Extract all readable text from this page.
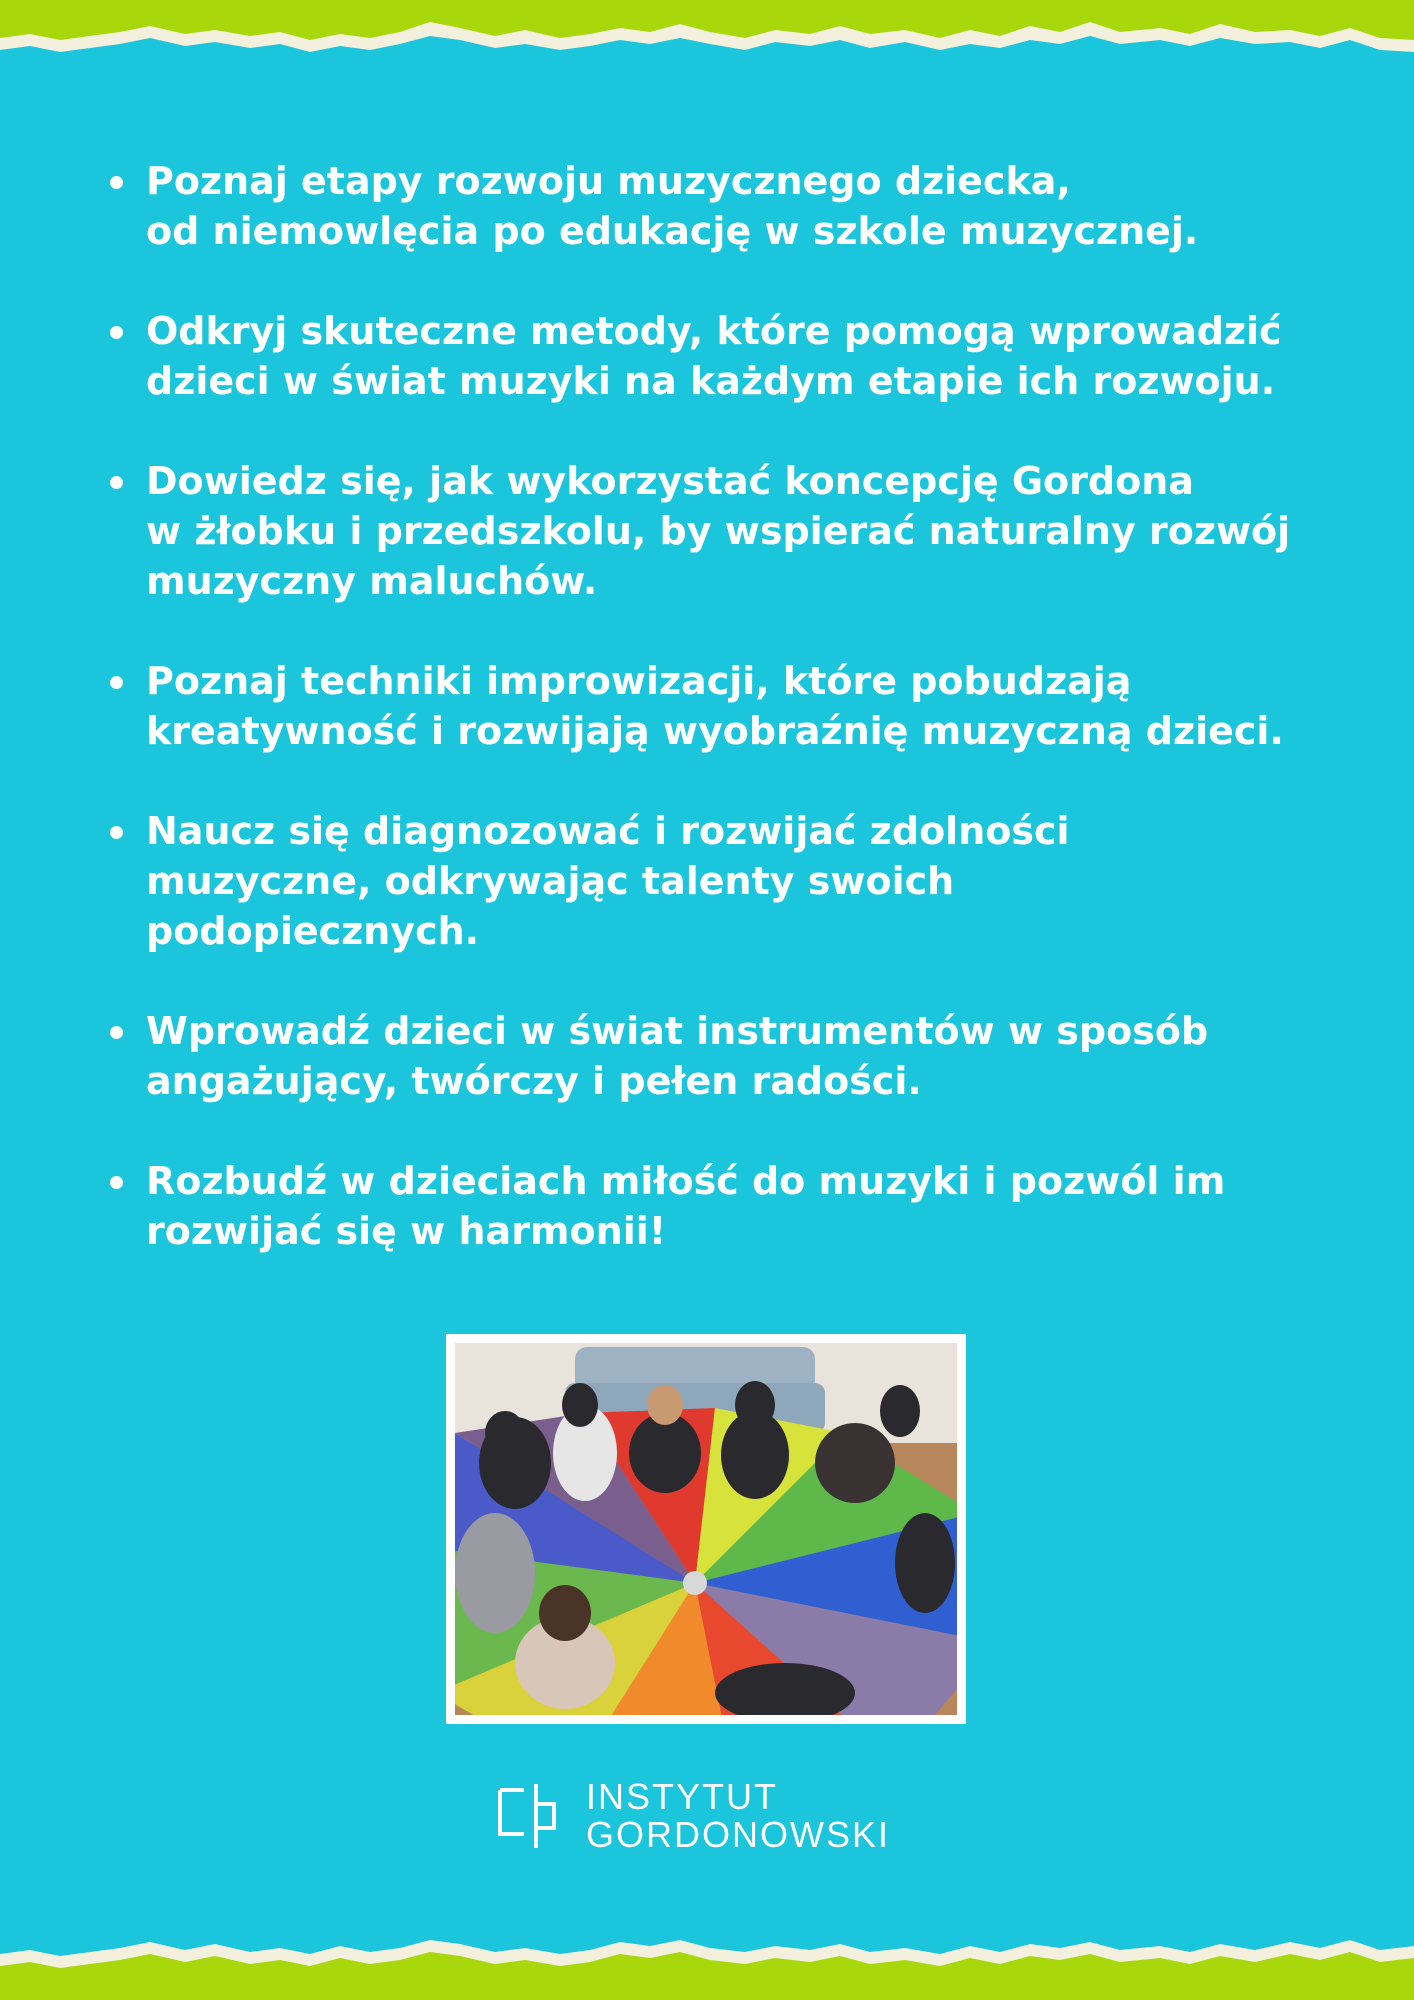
Poznaj etapy rozwoju muzycznego dziecka,
od niemowlęcia po edukację w szkole muzycznej.
Odkryj skuteczne metody, które pomogą wprowadzić
dzieci w świat muzyki na każdym etapie ich rozwoju.
Dowiedz się, jak wykorzystać koncepcję Gordona
w żłobku i przedszkolu, by wspierać naturalny rozwój
muzyczny maluchów.
Poznaj techniki improwizacji, które pobudzają
kreatywność i rozwijają wyobraźnię muzyczną dzieci.
Naucz się diagnozować i rozwijać zdolności
muzyczne, odkrywając talenty swoich
podopiecznych.
Wprowadź dzieci w świat instrumentów w sposób
angażujący, twórczy i pełen radości.
Rozbudź w dzieciach miłość do muzyki i pozwól im
rozwijać się w harmonii!
INSTYTUT
GORDONOWSKI
